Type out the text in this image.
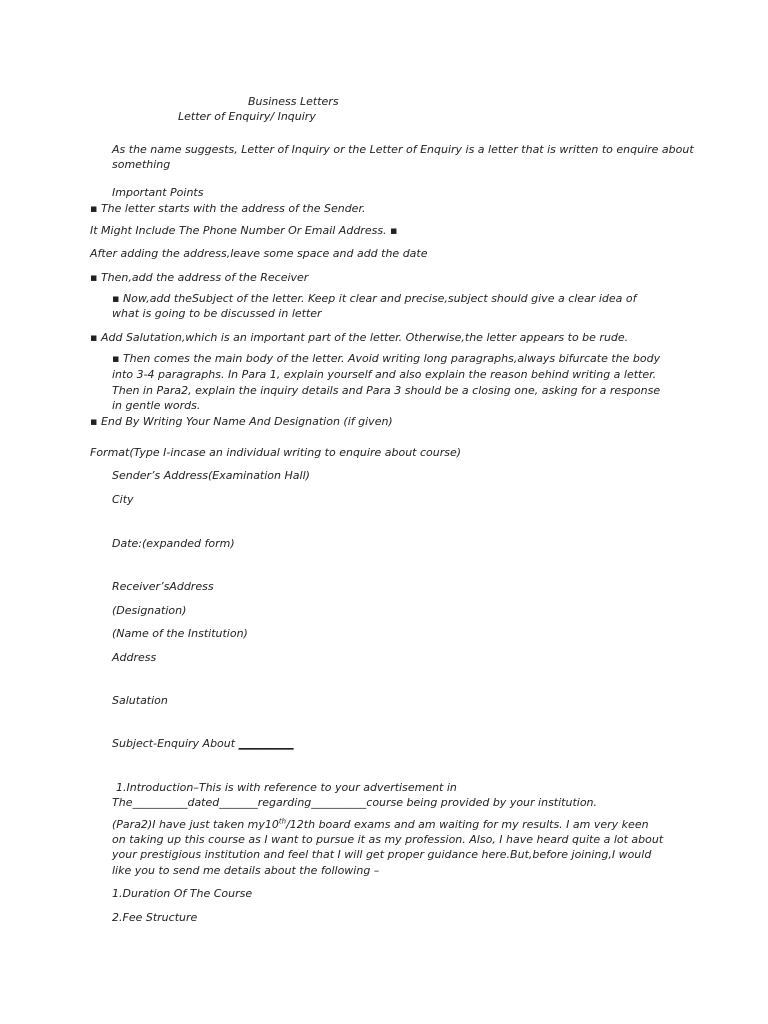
Business Letters

Letter of Enquiry/ Inquiry

As the name suggests, Letter of Inquiry or the Letter of Enquiry is a letter that is written to enquire about

something

Important Points

▪ The letter starts with the address of the Sender.

It Might Include The Phone Number Or Email Address. ▪

After adding the address,leave some space and add the date

▪ Then,add the address of the Receiver

▪ Now,add theSubject of the letter. Keep it clear and precise,subject should give a clear idea of

what is going to be discussed in letter

▪ Add Salutation,which is an important part of the letter. Otherwise,the letter appears to be rude.

▪ Then comes the main body of the letter. Avoid writing long paragraphs,always bifurcate the body

into 3-4 paragraphs. In Para 1, explain yourself and also explain the reason behind writing a letter.

Then in Para2, explain the inquiry details and Para 3 should be a closing one, asking for a response

in gentle words.

▪ End By Writing Your Name And Designation (if given)

Format(Type I-incase an individual writing to enquire about course)

Sender’s Address(Examination Hall)

City

Date:(expanded form)

Receiver’sAddress

(Designation)

(Name of the Institution)

Address

Salutation

Subject-Enquiry About __________

1.Introduction–This is with reference to your advertisement in

The__________dated_______regarding__________course being provided by your institution.

(Para2)I have just taken my10th/12th board exams and am waiting for my results. I am very keen

on taking up this course as I want to pursue it as my profession. Also, I have heard quite a lot about

your prestigious institution and feel that I will get proper guidance here.But,before joining,I would

like you to send me details about the following –

1.Duration Of The Course

2.Fee Structure
